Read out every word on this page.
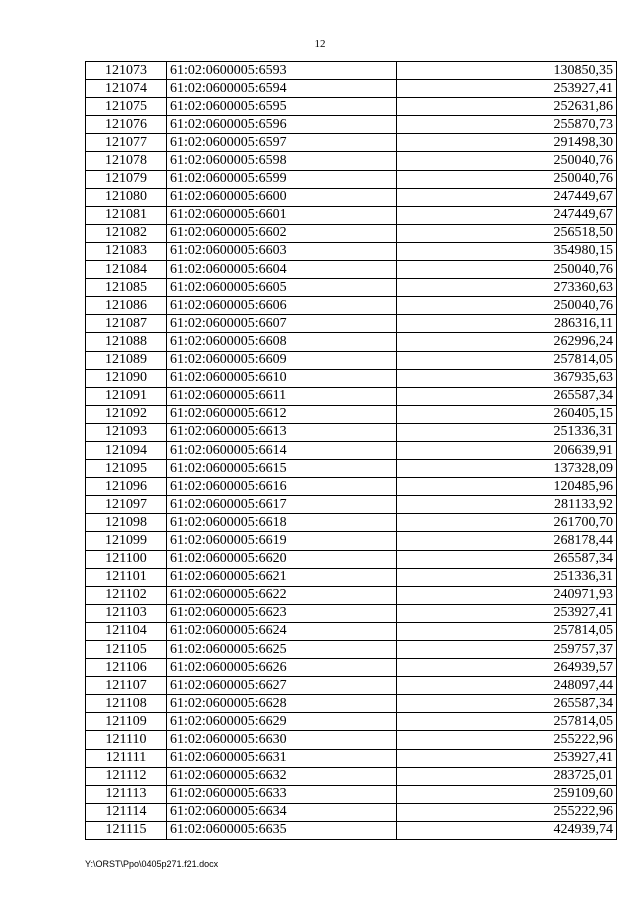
12
121073	61:02:0600005:6593	130850,35
121074	61:02:0600005:6594	253927,41
121075	61:02:0600005:6595	252631,86
121076	61:02:0600005:6596	255870,73
121077	61:02:0600005:6597	291498,30
121078	61:02:0600005:6598	250040,76
121079	61:02:0600005:6599	250040,76
121080	61:02:0600005:6600	247449,67
121081	61:02:0600005:6601	247449,67
121082	61:02:0600005:6602	256518,50
121083	61:02:0600005:6603	354980,15
121084	61:02:0600005:6604	250040,76
121085	61:02:0600005:6605	273360,63
121086	61:02:0600005:6606	250040,76
121087	61:02:0600005:6607	286316,11
121088	61:02:0600005:6608	262996,24
121089	61:02:0600005:6609	257814,05
121090	61:02:0600005:6610	367935,63
121091	61:02:0600005:6611	265587,34
121092	61:02:0600005:6612	260405,15
121093	61:02:0600005:6613	251336,31
121094	61:02:0600005:6614	206639,91
121095	61:02:0600005:6615	137328,09
121096	61:02:0600005:6616	120485,96
121097	61:02:0600005:6617	281133,92
121098	61:02:0600005:6618	261700,70
121099	61:02:0600005:6619	268178,44
121100	61:02:0600005:6620	265587,34
121101	61:02:0600005:6621	251336,31
121102	61:02:0600005:6622	240971,93
121103	61:02:0600005:6623	253927,41
121104	61:02:0600005:6624	257814,05
121105	61:02:0600005:6625	259757,37
121106	61:02:0600005:6626	264939,57
121107	61:02:0600005:6627	248097,44
121108	61:02:0600005:6628	265587,34
121109	61:02:0600005:6629	257814,05
121110	61:02:0600005:6630	255222,96
121111	61:02:0600005:6631	253927,41
121112	61:02:0600005:6632	283725,01
121113	61:02:0600005:6633	259109,60
121114	61:02:0600005:6634	255222,96
121115	61:02:0600005:6635	424939,74
Y:\ORST\Ppo\0405p271.f21.docx
